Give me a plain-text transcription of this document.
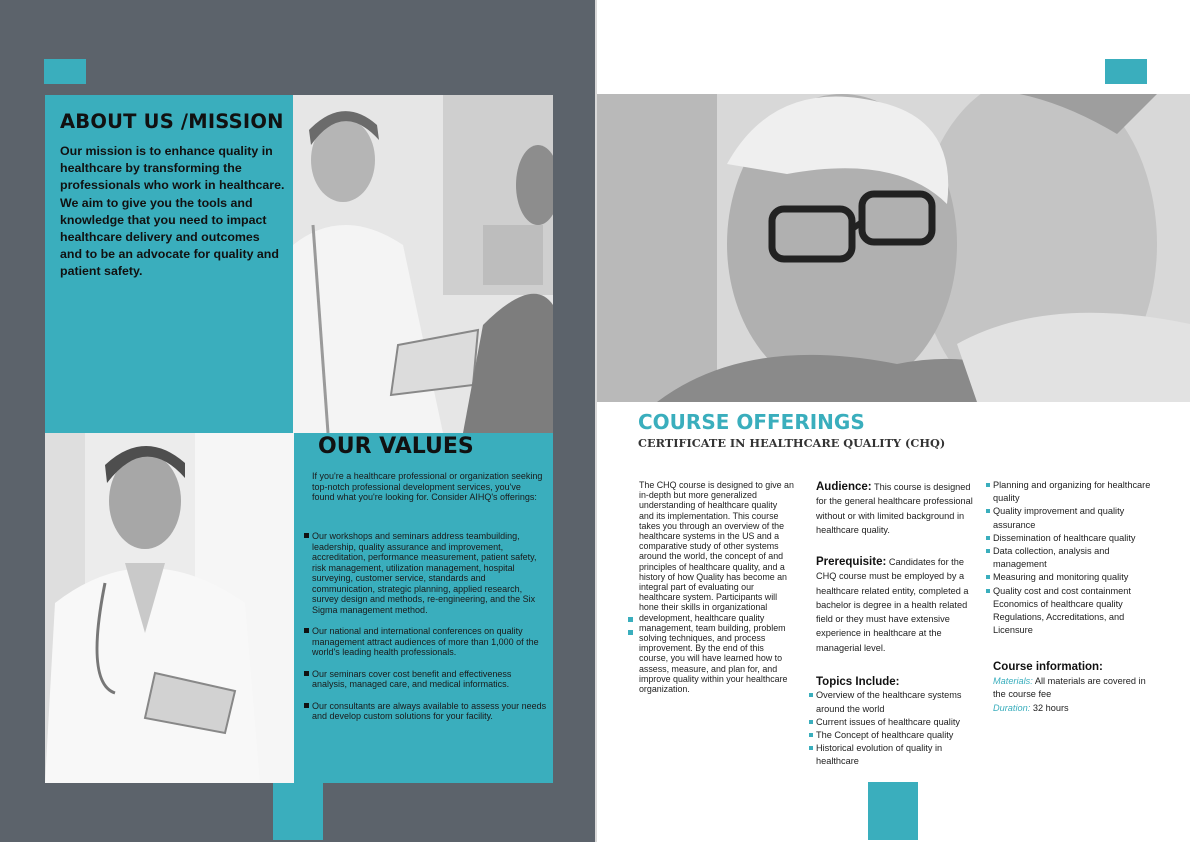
ABOUT US /MISSION
Our mission is to enhance quality in healthcare by transforming the professionals who work in healthcare. We aim to give you the tools and knowledge that you need to impact healthcare delivery and outcomes and to be an advocate for quality and patient safety.
OUR VALUES
If you're a healthcare professional or organization seeking top-notch professional development services, you've found what you're looking for. Consider AIHQ's offerings:
Our workshops and seminars address teambuilding, leadership, quality assurance and improvement, accreditation, performance measurement, patient safety, risk management, utilization management, hospital surveying, customer service, standards and communication, strategic planning, applied research, survey design and methods, re-engineering, and the Six Sigma management method.
Our national and international conferences on quality management attract audiences of more than 1,000 of the world's leading health professionals.
Our seminars cover cost benefit and effectiveness analysis, managed care, and medical informatics.
Our consultants are always available to assess your needs and develop custom solutions for your facility.
COURSE OFFERINGS
CERTIFICATE IN HEALTHCARE QUALITY (CHQ)
The CHQ course is designed to give an in-depth but more generalized understanding of healthcare quality and its implementation. This course takes you through an overview of the healthcare systems in the US and a comparative study of other systems around the world, the concept of and principles of healthcare quality, and a history of how Quality has become an integral part of evaluating our healthcare system. Participants will hone their skills in organizational development, healthcare quality management, team building, problem solving techniques, and process improvement. By the end of this course, you will have learned how to assess, measure, and plan for, and improve quality within your healthcare organization.
Audience: This course is designed for the general healthcare professional without or with limited background in healthcare quality.
Prerequisite: Candidates for the CHQ course must be employed by a healthcare related entity, completed a bachelor is degree in a health related field or they must have extensive experience in healthcare at the managerial level.
Topics Include:
Overview of the healthcare systems around the world
Current issues of healthcare quality
The Concept of healthcare quality
Historical evolution of quality in healthcare
Planning and organizing for healthcare quality
Quality improvement and quality assurance
Dissemination of healthcare quality
Data collection, analysis and management
Measuring and monitoring quality
Quality cost and cost containment Economics of healthcare quality Regulations, Accreditations, and Licensure
Course information:
Materials: All materials are covered in the course fee
Duration: 32 hours
